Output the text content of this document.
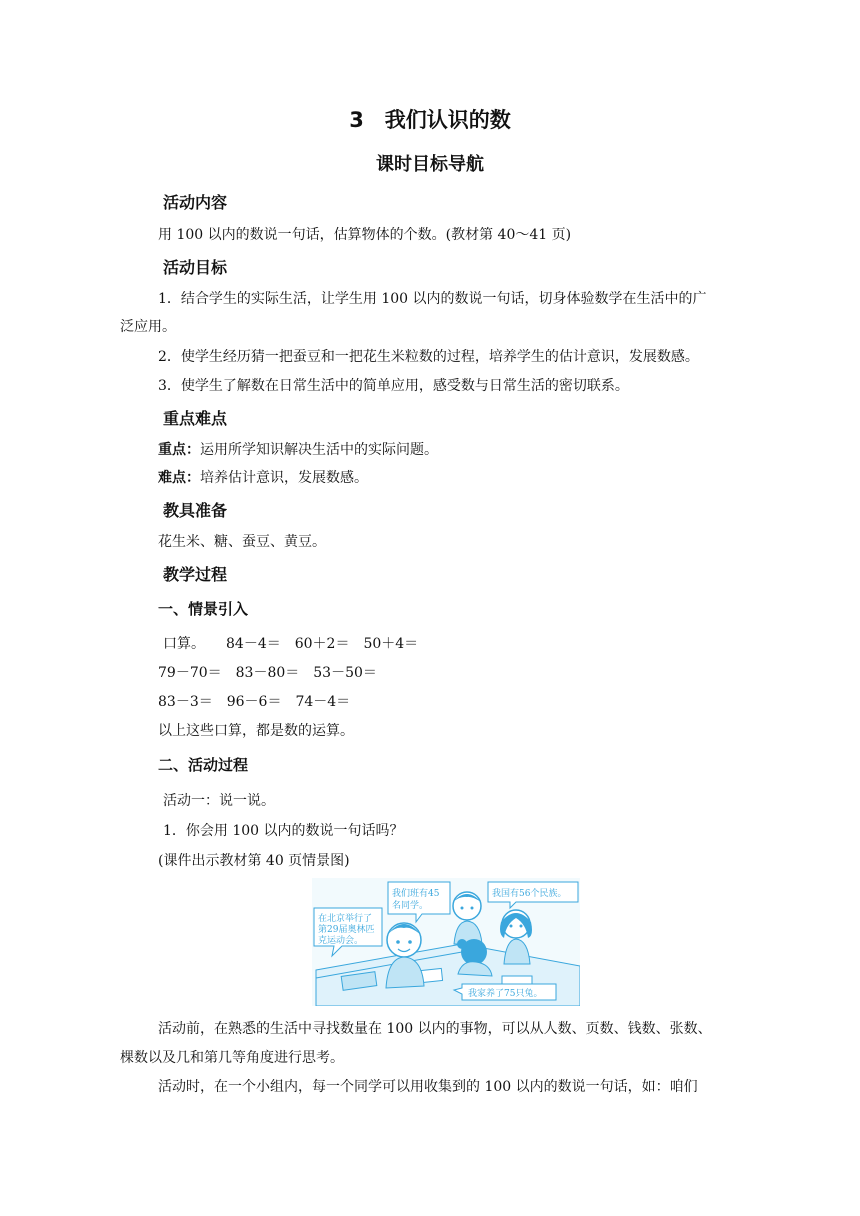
3　我们认识的数
课时目标导航
活动内容
用 100 以内的数说一句话，估算物体的个数。(教材第 40～41 页)
活动目标
1．结合学生的实际生活，让学生用 100 以内的数说一句话，切身体验数学在生活中的广
泛应用。
2．使学生经历猜一把蚕豆和一把花生米粒数的过程，培养学生的估计意识，发展数感。
3．使学生了解数在日常生活中的简单应用，感受数与日常生活的密切联系。
重点难点
重点：运用所学知识解决生活中的实际问题。
难点：培养估计意识，发展数感。
教具准备
花生米、糖、蚕豆、黄豆。
教学过程
一、情景引入
口算。　　84－4＝　60＋2＝　50＋4＝
79－70＝　83－80＝　53－50＝
83－3＝　96－6＝　74－4＝
以上这些口算，都是数的运算。
二、活动过程
活动一：说一说。
1．你会用 100 以内的数说一句话吗？
(课件出示教材第 40 页情景图)
在北京举行了
第29届奥林匹
克运动会。
我们班有45
名同学。
我国有56个民族。
我家养了75只兔。
活动前，在熟悉的生活中寻找数量在 100 以内的事物，可以从人数、页数、钱数、张数、
棵数以及几和第几等角度进行思考。
活动时，在一个小组内，每一个同学可以用收集到的 100 以内的数说一句话，如：咱们
